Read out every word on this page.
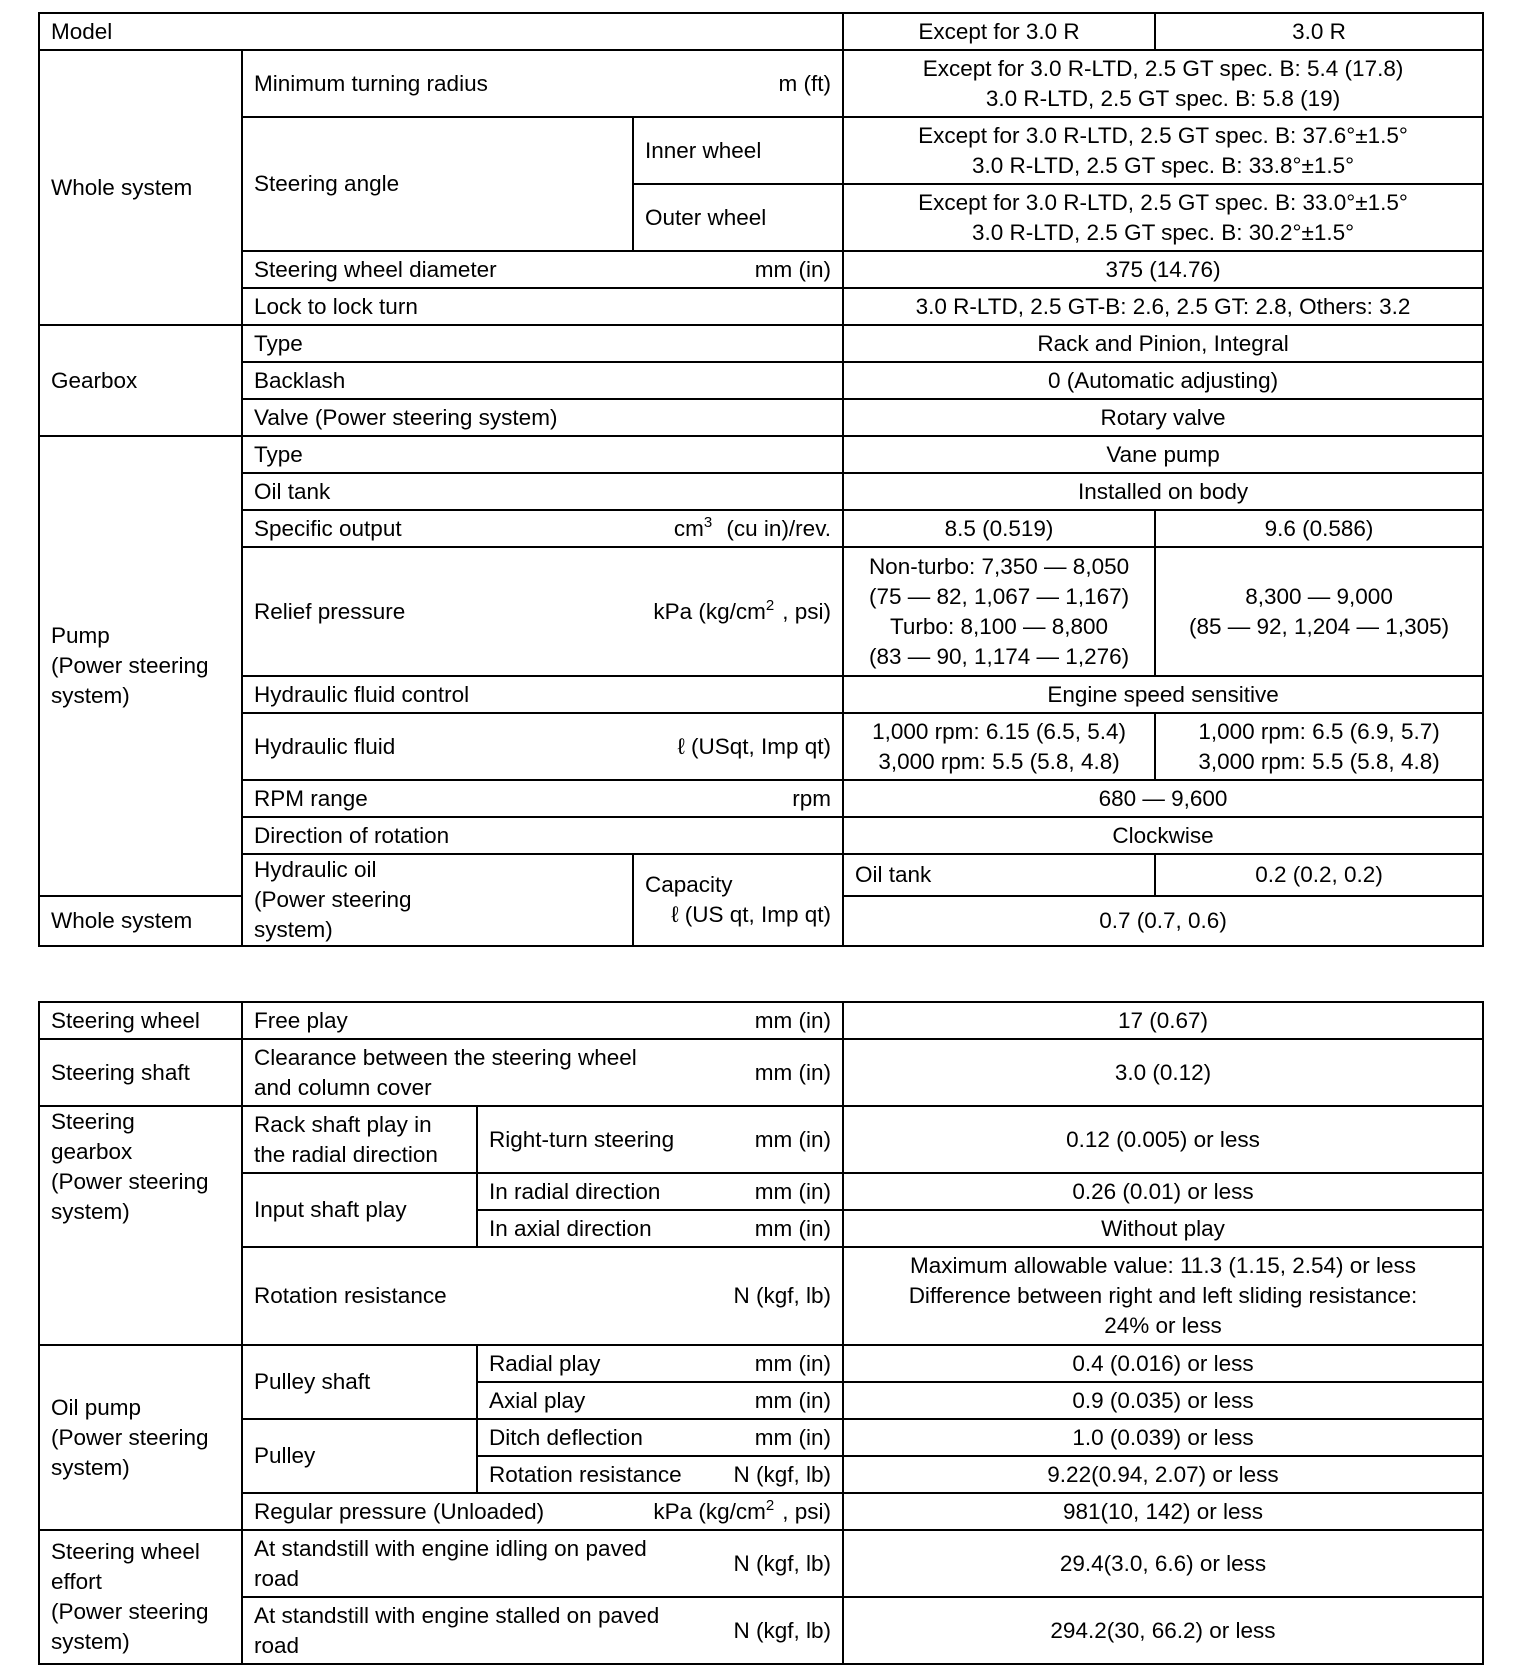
Model			Except for 3.0 R	3.0 R
Whole system	Minimum turning radius m (ft)		Except for 3.0 R-LTD, 2.5 GT spec. B: 5.4 (17.8)
3.0 R-LTD, 2.5 GT spec. B: 5.8 (19)	
	Steering angle	Inner wheel	Except for 3.0 R-LTD, 2.5 GT spec. B: 37.6°±1.5°
3.0 R-LTD, 2.5 GT spec. B: 33.8°±1.5°	
		Outer wheel	Except for 3.0 R-LTD, 2.5 GT spec. B: 33.0°±1.5°
3.0 R-LTD, 2.5 GT spec. B: 30.2°±1.5°	

	Steering wheel diameter mm (in)		375 (14.76)	
	Lock to lock turn		3.0 R-LTD, 2.5 GT-B: 2.6, 2.5 GT: 2.8, Others: 3.2	
Gearbox	Type		Rack and Pinion, Integral	
	Backlash		0 (Automatic adjusting)	
	Valve (Power steering system)		Rotary valve	
Pump
(Power steering
system)	Type		Vane pump	
	Oil tank		Installed on body	

	Specific output $cm^3$ (cu in)/rev.		8.5 (0.519)	9.6 (0.586)

	Relief pressure kPa ($kg/cm^2$ , psi)		Non-turbo: 7,350 — 8,050
(75 — 82, 1,067 — 1,167)
Turbo: 8,100 — 8,800
(83 — 90, 1,174 — 1,276)	8,300 — 9,000
(85 — 92, 1,204 — 1,305)
	Hydraulic fluid control		Engine speed sensitive	

	Hydraulic fluid ℓ (USqt, Imp qt)		1,000 rpm: 6.15 (6.5, 5.4)
3,000 rpm: 5.5 (5.8, 4.8)	1,000 rpm: 6.5 (6.9, 5.7)
3,000 rpm: 5.5 (5.8, 4.8)

	RPM range rpm		680 — 9,600	
	Direction of rotation		Clockwise	
	Hydraulic oil
(Power steering
system)	Capacity
ℓ (US qt, Imp qt)	Oil tank	0.2 (0.2, 0.2)
Whole system			0.7 (0.7, 0.6)	
Steering wheel	Free play mm (in)		17 (0.67)
Steering shaft	Clearance between the steering wheel
and column cover
mm (in)		3.0 (0.12)
Steering
gearbox
(Power steering
system)	Rack shaft play in
the radial direction	Right-turn steering mm (in)	0.12 (0.005) or less
	Input shaft play	In radial direction mm (in)	0.26 (0.01) or less

		In axial direction mm (in)	Without play

	Rotation resistance N (kgf, lb)		Maximum allowable value: 11.3 (1.15, 2.54) or less
Difference between right and left sliding resistance:
24% or less
Oil pump
(Power steering
system)	Pulley shaft	Radial play mm (in)	0.4 (0.016) or less

		Axial play mm (in)	0.9 (0.035) or less
	Pulley	Ditch deflection mm (in)	1.0 (0.039) or less

		Rotation resistance N (kgf, lb)	9.22(0.94, 2.07) or less

	Regular pressure (Unloaded) kPa ($kg/cm^2$ , psi)		981(10, 142) or less
Steering wheel
effort
(Power steering
system)	At standstill with engine idling on paved
road
N (kgf, lb)		29.4(3.0, 6.6) or less

	At standstill with engine stalled on paved
road
N (kgf, lb)		294.2(30, 66.2) or less
